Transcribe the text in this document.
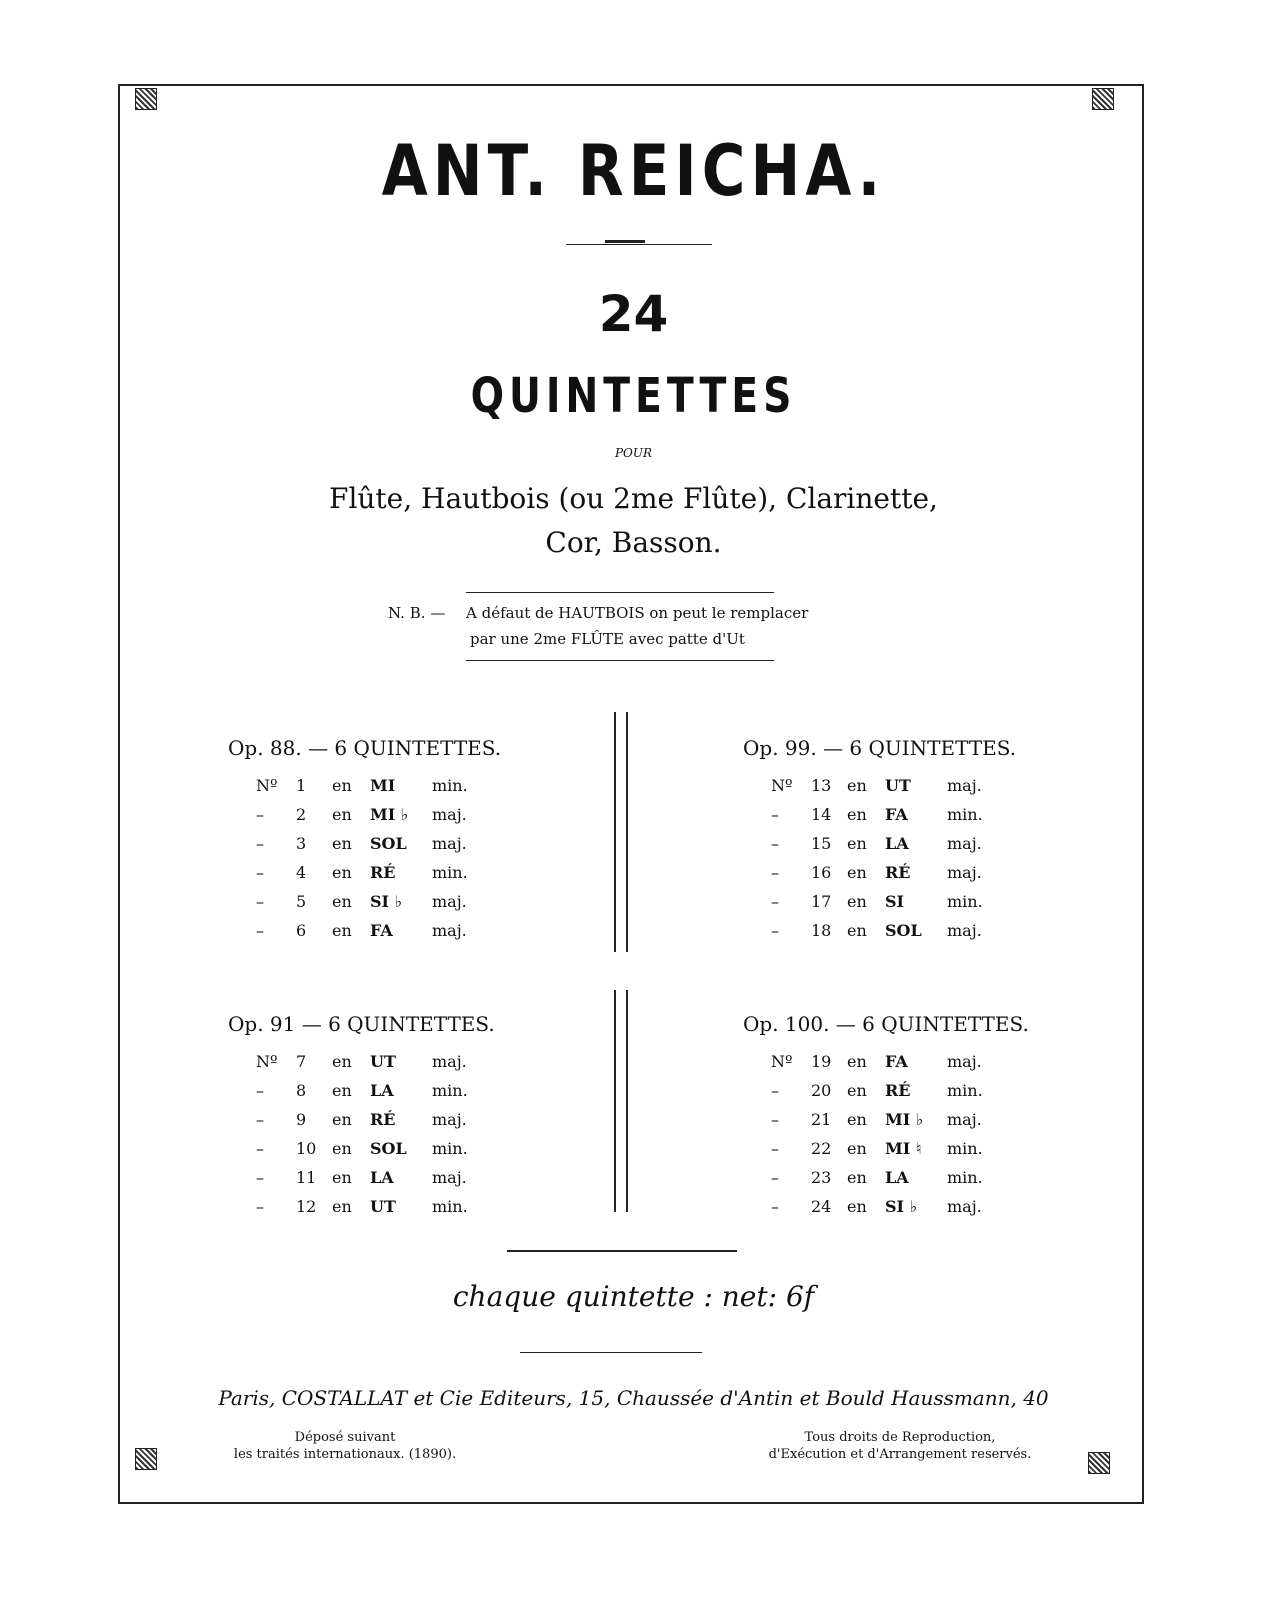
ANT. REICHA.
24
QUINTETTES
POUR
Flûte, Hautbois (ou 2me Flûte), Clarinette,
Cor, Basson.
N. B. — A défaut de HAUTBOIS on peut le remplacer
par une 2me FLÛTE avec patte d'Ut
Op. 88. — 6 QUINTETTES.
Nº 1 en MI min.
– 2 en MI ♭ maj.
– 3 en SOL maj.
– 4 en RÉ min.
– 5 en SI ♭ maj.
– 6 en FA maj.
Op. 99. — 6 QUINTETTES.
Nº 13 en UT maj.
– 14 en FA min.
– 15 en LA maj.
– 16 en RÉ maj.
– 17 en SI	min.
– 18 en SOL maj.
Op. 91 — 6 QUINTETTES.
Nº 7 en UT maj.
– 8 en LA min.
– 9 en RÉ maj.
– 10 en SOL min.
– 11 en LA maj.
– 12 en UT min.
Op. 100. — 6 QUINTETTES.
Nº 19 en FA maj.
– 20 en RÉ min.
– 21 en MI ♭ maj.
– 22 en MI ♮ min.
– 23 en LA min.
– 24 en SI ♭ maj.
chaque quintette : net: 6f
Paris, COSTALLAT et Cie Editeurs, 15, Chaussée d'Antin et Bould Haussmann, 40
Déposé suivant
les traités internationaux. (1890).
Tous droits de Reproduction,
d'Exécution et d'Arrangement reservés.
